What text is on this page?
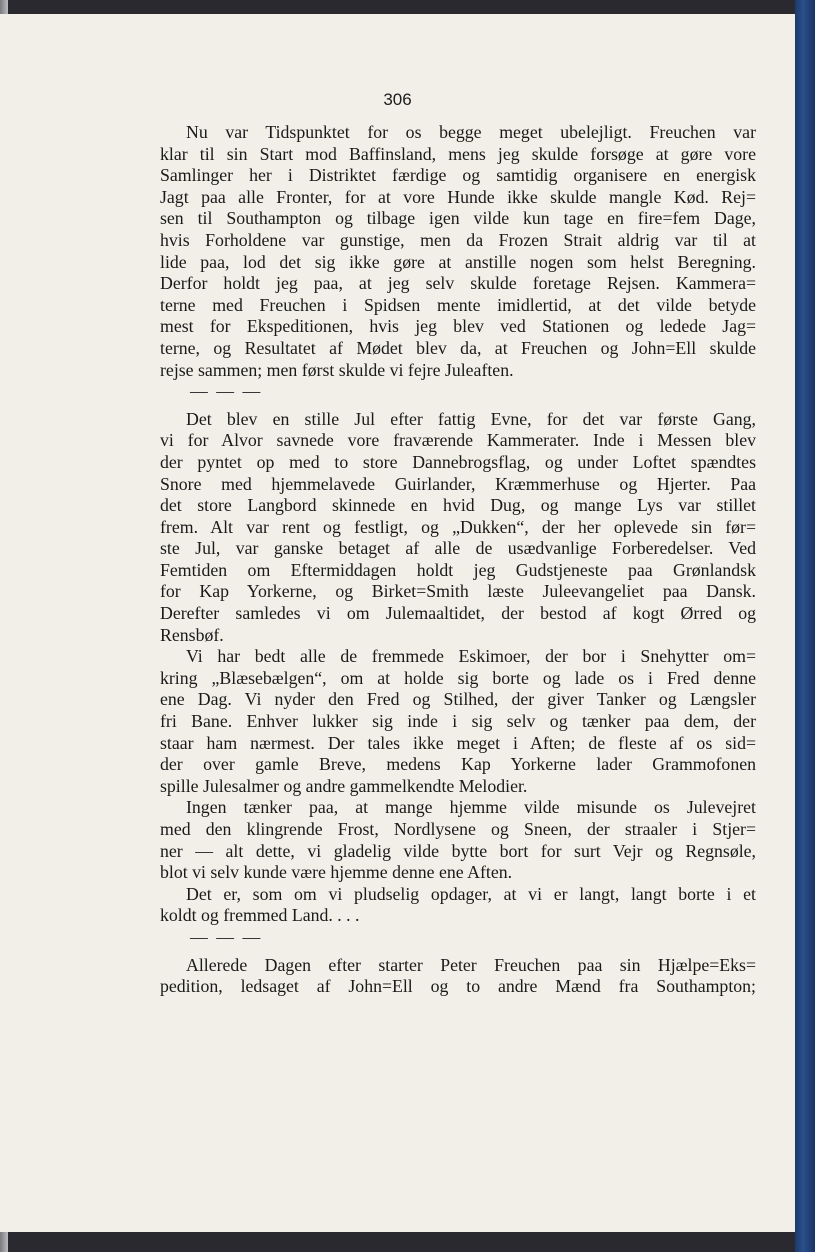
306
Nu var Tidspunktet for os begge meget ubelejligt. Freuchen var
klar til sin Start mod Baffinsland, mens jeg skulde forsøge at gøre vore
Samlinger her i Distriktet færdige og samtidig organisere en energisk
Jagt paa alle Fronter, for at vore Hunde ikke skulde mangle Kød. Rej=
sen til Southampton og tilbage igen vilde kun tage en fire=fem Dage,
hvis Forholdene var gunstige, men da Frozen Strait aldrig var til at
lide paa, lod det sig ikke gøre at anstille nogen som helst Beregning.
Derfor holdt jeg paa, at jeg selv skulde foretage Rejsen. Kammera=
terne med Freuchen i Spidsen mente imidlertid, at det vilde betyde
mest for Ekspeditionen, hvis jeg blev ved Stationen og ledede Jag=
terne, og Resultatet af Mødet blev da, at Freuchen og John=Ell skulde
rejse sammen; men først skulde vi fejre Juleaften.
— — —
Det blev en stille Jul efter fattig Evne, for det var første Gang,
vi for Alvor savnede vore fraværende Kammerater. Inde i Messen blev
der pyntet op med to store Dannebrogsflag, og under Loftet spændtes
Snore med hjemmelavede Guirlander, Kræmmerhuse og Hjerter. Paa
det store Langbord skinnede en hvid Dug, og mange Lys var stillet
frem. Alt var rent og festligt, og „Dukken“, der her oplevede sin før=
ste Jul, var ganske betaget af alle de usædvanlige Forberedelser. Ved
Femtiden om Eftermiddagen holdt jeg Gudstjeneste paa Grønlandsk
for Kap Yorkerne, og Birket=Smith læste Juleevangeliet paa Dansk.
Derefter samledes vi om Julemaaltidet, der bestod af kogt Ørred og
Rensbøf.
Vi har bedt alle de fremmede Eskimoer, der bor i Snehytter om=
kring „Blæsebælgen“, om at holde sig borte og lade os i Fred denne
ene Dag. Vi nyder den Fred og Stilhed, der giver Tanker og Længsler
fri Bane. Enhver lukker sig inde i sig selv og tænker paa dem, der
staar ham nærmest. Der tales ikke meget i Aften; de fleste af os sid=
der over gamle Breve, medens Kap Yorkerne lader Grammofonen
spille Julesalmer og andre gammelkendte Melodier.
Ingen tænker paa, at mange hjemme vilde misunde os Julevejret
med den klingrende Frost, Nordlysene og Sneen, der straaler i Stjer=
ner — alt dette, vi gladelig vilde bytte bort for surt Vejr og Regnsøle,
blot vi selv kunde være hjemme denne ene Aften.
Det er, som om vi pludselig opdager, at vi er langt, langt borte i et
koldt og fremmed Land. . . .
— — —
Allerede Dagen efter starter Peter Freuchen paa sin Hjælpe=Eks=
pedition, ledsaget af John=Ell og to andre Mænd fra Southampton;
